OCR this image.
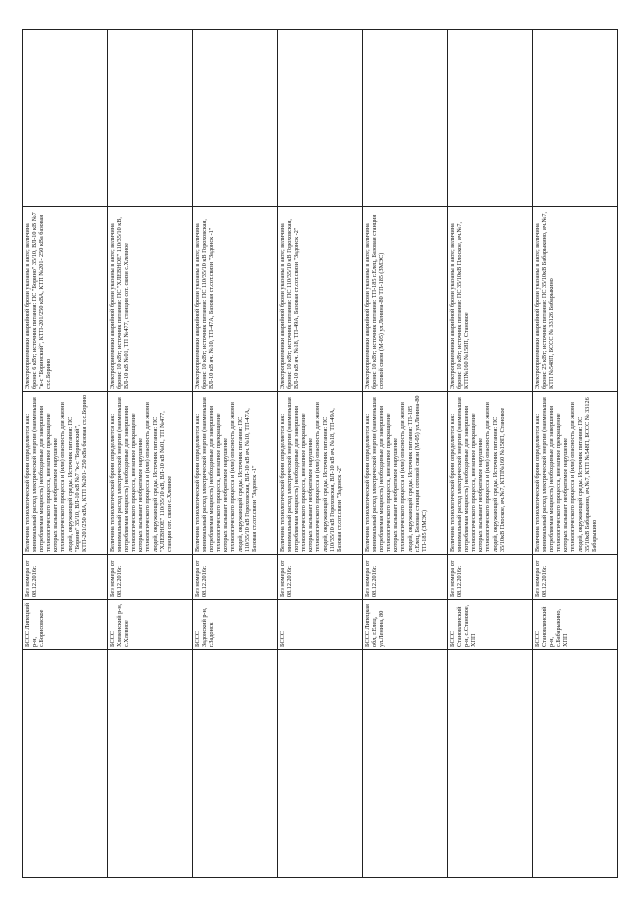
	БССС Липецкий р-н, с.Борисовское	Без номера от 08.12.2016г.	Величина технологической брони определяется как: минимальный расход электрической энергии (наименьшая потребляемая мощность) необходимые для завершения технологического процесса, внезапное прекращение которых вызывает необратимое нарушение технологического процесса и (или) опасность для жизни людей, окружающей среды. Источник питания: ПС "Борино" 35/10, ВЛ-10 кВ №7 "к-с "Боринский", КТП-201/250 кВА, КТП №201- 250 кВа базовая ст.с.Борино	Электроприемники аварийной брони указаны в акте; величина брони: 6 кВт; источник питания: ПС "Борино" 35/10, ВЛ-10 кВ №7 "к-с "Боринский", КТП-201/250 кВА, КТП №201- 250 кВа базовая ст.с.Борино	
	БССС Хлевенский р-н, с.Хлевное	Без номера от 08.12.2016г.	Величина технологической брони определяется как: минимальный расход электрической энергии (наименьшая потребляемая мощность) необходимые для завершения технологического процесса, внезапное прекращение которых вызывает необратимое нарушение технологического процесса и (или) опасность для жизни людей, окружающей среды. Источник питания: ПС "ХЛЕВНОЕ" 110/35/10 кВ, ВЛ-10 кВ №01, ТП №477, станция сот. связи с.Хлевное	Электроприемники аварийной брони указаны в акте; величина брони: 10 кВт; источник питания: ПС "ХЛЕВНОЕ" 110/35/10 кВ, ВЛ-10 кВ №01, ТП №477, станция сот. связи с.Хлевное	
	БССС Задонский р-н, г.Задонск	Без номера от 08.12.2016г.	Величина технологической брони определяется как: минимальный расход электрической энергии (наименьшая потребляемая мощность) необходимые для завершения технологического процесса, внезапное прекращение которых вызывает необратимое нарушение технологического процесса и (или) опасность для жизни людей, окружающей среды. Источник питания: ПС 110/35/10 кВ Гороховская, ВЛ-10 кВ яч. №10, ТП-47А, Базовая ст.сот.связи "Задонск -1"	Электроприемники аварийной брони указаны в акте; величина брони: 10 кВт; источник питания: ПС 110/35/10 кВ Гороховская, ВЛ-10 кВ яч. №10, ТП-47А, Базовая ст.сот.связи "Задонск -1"	
	БССС	Без номера от 08.12.2016г.	Величина технологической брони определяется как: минимальный расход электрической энергии (наименьшая потребляемая мощность) необходимые для завершения технологического процесса, внезапное прекращение которых вызывает необратимое нарушение технологического процесса и (или) опасность для жизни людей, окружающей среды. Источник питания: ПС 110/35/10 кВ Гороховская, ВЛ-10 кВ яч. №18, ТП-49А, Базовая ст.сот.связи "Задонск -2"	Электроприемники аварийной брони указаны в акте; величина брони: 10 кВт; источник питания: ПС 110/35/10 кВ Гороховская, ВЛ-10 кВ яч. №18, ТП-49А, Базовая ст.сот.связи "Задонск -2"	
	БССС Липецкая обл, г.Елец, ул.Ленина, 80	Без номера от 08.12.2016г.	Величина технологической брони определяется как: минимальный расход электрической энергии (наименьшая потребляемая мощность) необходимые для завершения технологического процесса, внезапное прекращение которых вызывает необратимое нарушение технологического процесса и (или) опасность для жизни людей, окружающей среды. Источник питания: ТП-185 г.Елец, Базовая станция сотовой связи (М-05) ул.Ленина-80 ТП-185 (ЗМЭС)	Электроприемники аварийной брони указаны в акте; величина брони: 10 кВт; источник питания: ТП-185 г.Елец, Базовая станция сотовой связи (М-05) ул.Ленина-80 ТП-185 (ЗМЭС)	
	БССС Становлянский р-н, с.Становое, ХПП	Без номера от 08.12.2016г.	Величина технологической брони определяется как: минимальный расход электрической энергии (наименьшая потребляемая мощность) необходимые для завершения технологического процесса, внезапное прекращение которых вызывает необратимое нарушение технологического процесса и (или) опасность для жизни людей, окружающей среды. Источник питания: ПС 35/10кВ Плоское, яч.№7, КТП№160 №158П, Становое	Электроприемники аварийной брони указаны в акте; величина брони: 10 кВт; источник питания: ПС 35/10кВ Плоское, яч.№7, КТП№160 №158П, Становое	
	БССС Становлянский р-н, с.Бабарыкино, ХПП	Без номера от 08.12.2016г.	Величина технологической брони определяется как: минимальный расход электрической энергии (наименьшая потребляемая мощность) необходимые для завершения технологического процесса, внезапное прекращение которых вызывает необратимое нарушение технологического процесса и (или) опасность для жизни людей, окружающей среды. Источник питания: ПС 35/10кВ Бабарыкино, яч.№7, КТП №548П, БССС № 33126 Бабарыкино	Электроприемники аварийной брони указаны в акте; величина брони: 25 кВт; источник питания: ПС 35/10кВ Бабарыкино, яч.№7, КТП №548П, БССС № 33126 Бабарыкино	
